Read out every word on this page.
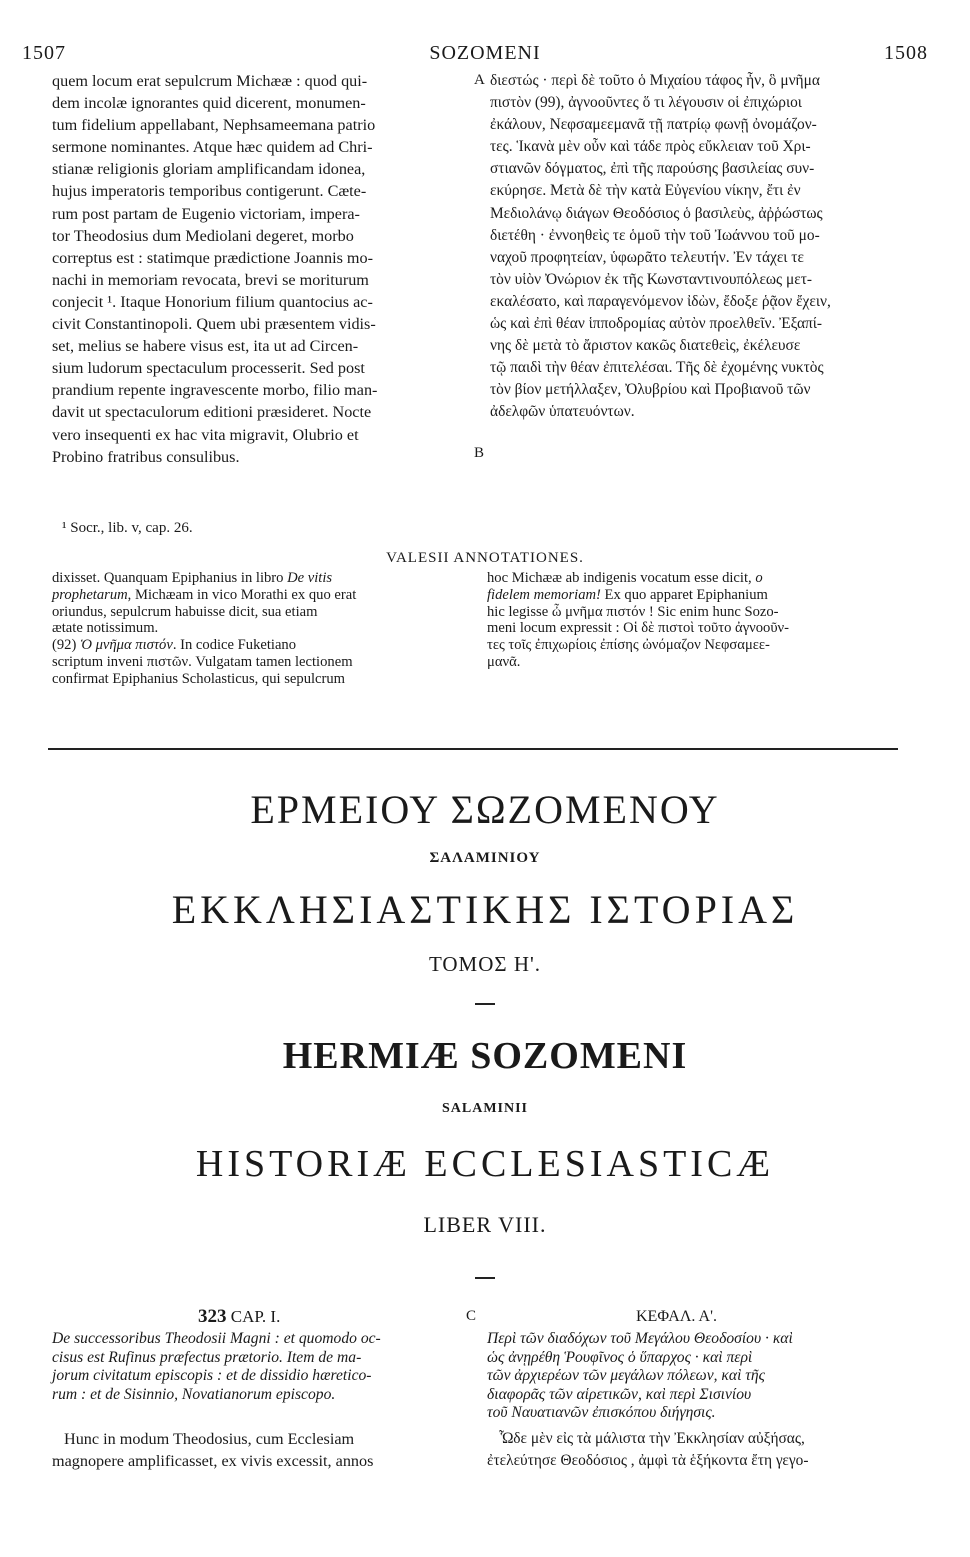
1507	SOZOMENI	1508

quem locum erat sepulcrum Michææ : quod qui-

dem incolæ ignorantes quid dicerent, monumen-

tum fidelium appellabant, Nephsameemana patrio

sermone nominantes. Atque hæc quidem ad Chri-

stianæ religionis gloriam amplificandam idonea,

hujus imperatoris temporibus contigerunt. Cæte-

rum post partam de Eugenio victoriam, impera-

tor Theodosius dum Mediolani degeret, morbo

correptus est : statimque prædictione Joannis mo-

nachi in memoriam revocata, brevi se moriturum

conjecit ¹. Itaque Honorium filium quantocius ac-

civit Constantinopoli. Quem ubi præsentem vidis-

set, melius se habere visus est, ita ut ad Circen-

sium ludorum spectaculum processerit. Sed post

prandium repente ingravescente morbo, filio man-

davit ut spectaculorum editioni præsideret. Nocte

vero insequenti ex hac vita migravit, Olubrio et

Probino fratribus consulibus.

A
B

διεστώς · περὶ δὲ τοῦτο ὁ Μιχαίου τάφος ἦν, ὃ μνῆμα

πιστὸν (99), ἀγνοοῦντες ὅ τι λέγουσιν οἱ ἐπιχώριοι

ἐκάλουν, Νεφσαμεεμανᾶ τῇ πατρίῳ φωνῇ ὀνομάζον-

τες. Ἱκανὰ μὲν οὖν καὶ τάδε πρὸς εὔκλειαν τοῦ Χρι-

στιανῶν δόγματος, ἐπὶ τῆς παρούσης βασιλείας συν-

εκύρησε. Μετὰ δὲ τὴν κατὰ Εὐγενίου νίκην, ἔτι ἐν

Μεδιολάνῳ διάγων Θεοδόσιος ὁ βασιλεὺς, ἀῤῥώστως

διετέθη · ἐννοηθεὶς τε ὁμοῦ τὴν τοῦ Ἰωάννου τοῦ μο-

ναχοῦ προφητείαν, ὑφωρᾶτο τελευτήν. Ἐν τάχει τε

τὸν υἱὸν Ὀνώριον ἐκ τῆς Κωνσταντινουπόλεως μετ-

εκαλέσατο, καὶ παραγενόμενον ἰδὼν, ἔδοξε ῥᾷον ἔχειν,

ὡς καὶ ἐπὶ θέαν ἱπποδρομίας αὐτὸν προελθεῖν. Ἐξαπί-

νης δὲ μετὰ τὸ ἄριστον κακῶς διατεθεὶς, ἐκέλευσε

τῷ παιδὶ τὴν θέαν ἐπιτελέσαι. Τῆς δὲ ἐχομένης νυκτὸς

τὸν βίον μετήλλαξεν, Ὀλυβρίου καὶ Προβιανοῦ τῶν

ἀδελφῶν ὑπατευόντων.

¹ Socr., lib. v, cap. 26.
VALESII ANNOTATIONES.

dixisset. Quanquam Epiphanius in libro De vitis

prophetarum, Michæam in vico Morathi ex quo erat

oriundus, sepulcrum habuisse dicit, sua etiam

ætate notissimum.

(92) Ὁ μνῆμα πιστόν. In codice Fuketiano

scriptum inveni πιστῶν. Vulgatam tamen lectionem

confirmat Epiphanius Scholasticus, qui sepulcrum

hoc Michææ ab indigenis vocatum esse dicit, o

fidelem memoriam! Ex quo apparet Epiphanium

hic legisse ὦ μνῆμα πιστόν ! Sic enim hunc Sozo-

meni locum expressit : Οἱ δὲ πιστοὶ τοῦτο ἀγνοοῦν-

τες τοῖς ἐπιχωρίοις ἐπίσης ὠνόμαζον Νεφσαμεε-

μανᾶ.

ΕΡΜΕΙΟΥ ΣΩΖΟΜΕΝΟΥ
ΣΑΛΑΜΙΝΙΟΥ
ΕΚΚΛΗΣΙΑΣΤΙΚΗΣ ΙΣΤΟΡΙΑΣ
ΤΟΜΟΣ Η'.
HERMIÆ SOZOMENI
SALAMINII
HISTORIÆ ECCLESIASTICÆ
LIBER VIII.
323 CAP. I.	C	ΚΕΦΑΛ. Α'.

De successoribus Theodosii Magni : et quomodo oc-

cisus est Rufinus præfectus prætorio. Item de ma-

jorum civitatum episcopis : et de dissidio hæretico-

rum : et de Sisinnio, Novatianorum episcopo.

Περὶ τῶν διαδόχων τοῦ Μεγάλου Θεοδοσίου · καὶ

ὡς ἀνῃρέθη Ῥουφῖνος ὁ ὕπαρχος · καὶ περὶ

τῶν ἀρχιερέων τῶν μεγάλων πόλεων, καὶ τῆς

διαφορᾶς τῶν αἱρετικῶν, καὶ περὶ Σισινίου

τοῦ Ναυατιανῶν ἐπισκόπου διήγησις.

Hunc in modum Theodosius, cum Ecclesiam

magnopere amplificasset, ex vivis excessit, annos

Ὧδε μὲν εἰς τὰ μάλιστα τὴν Ἐκκλησίαν αὐξήσας,

ἐτελεύτησε Θεοδόσιος , ἀμφὶ τὰ ἑξήκοντα ἔτη γεγο-
